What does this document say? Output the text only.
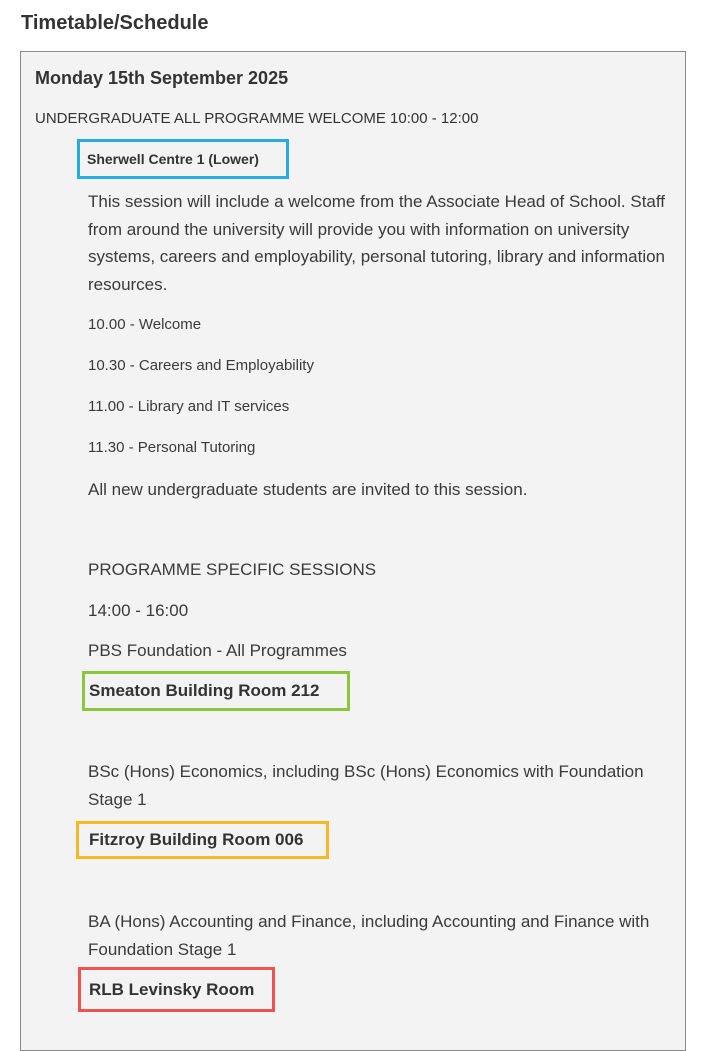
Timetable/Schedule
Monday 15th September 2025
UNDERGRADUATE ALL PROGRAMME WELCOME 10:00 - 12:00
Sherwell Centre 1 (Lower)

This session will include a welcome from the Associate Head of School. Staff from around the university will provide you with information on university systems, careers and employability, personal tutoring, library and information resources.

10.00 - Welcome
10.30 - Careers and Employability
11.00 - Library and IT services
11.30 - Personal Tutoring
All new undergraduate students are invited to this session.
PROGRAMME SPECIFIC SESSIONS
14:00 - 16:00
PBS Foundation - All Programmes
Smeaton Building Room 212
BSc (Hons) Economics, including BSc (Hons) Economics with Foundation Stage 1
Fitzroy Building Room 006
BA (Hons) Accounting and Finance, including Accounting and Finance with Foundation Stage 1
RLB Levinsky Room
